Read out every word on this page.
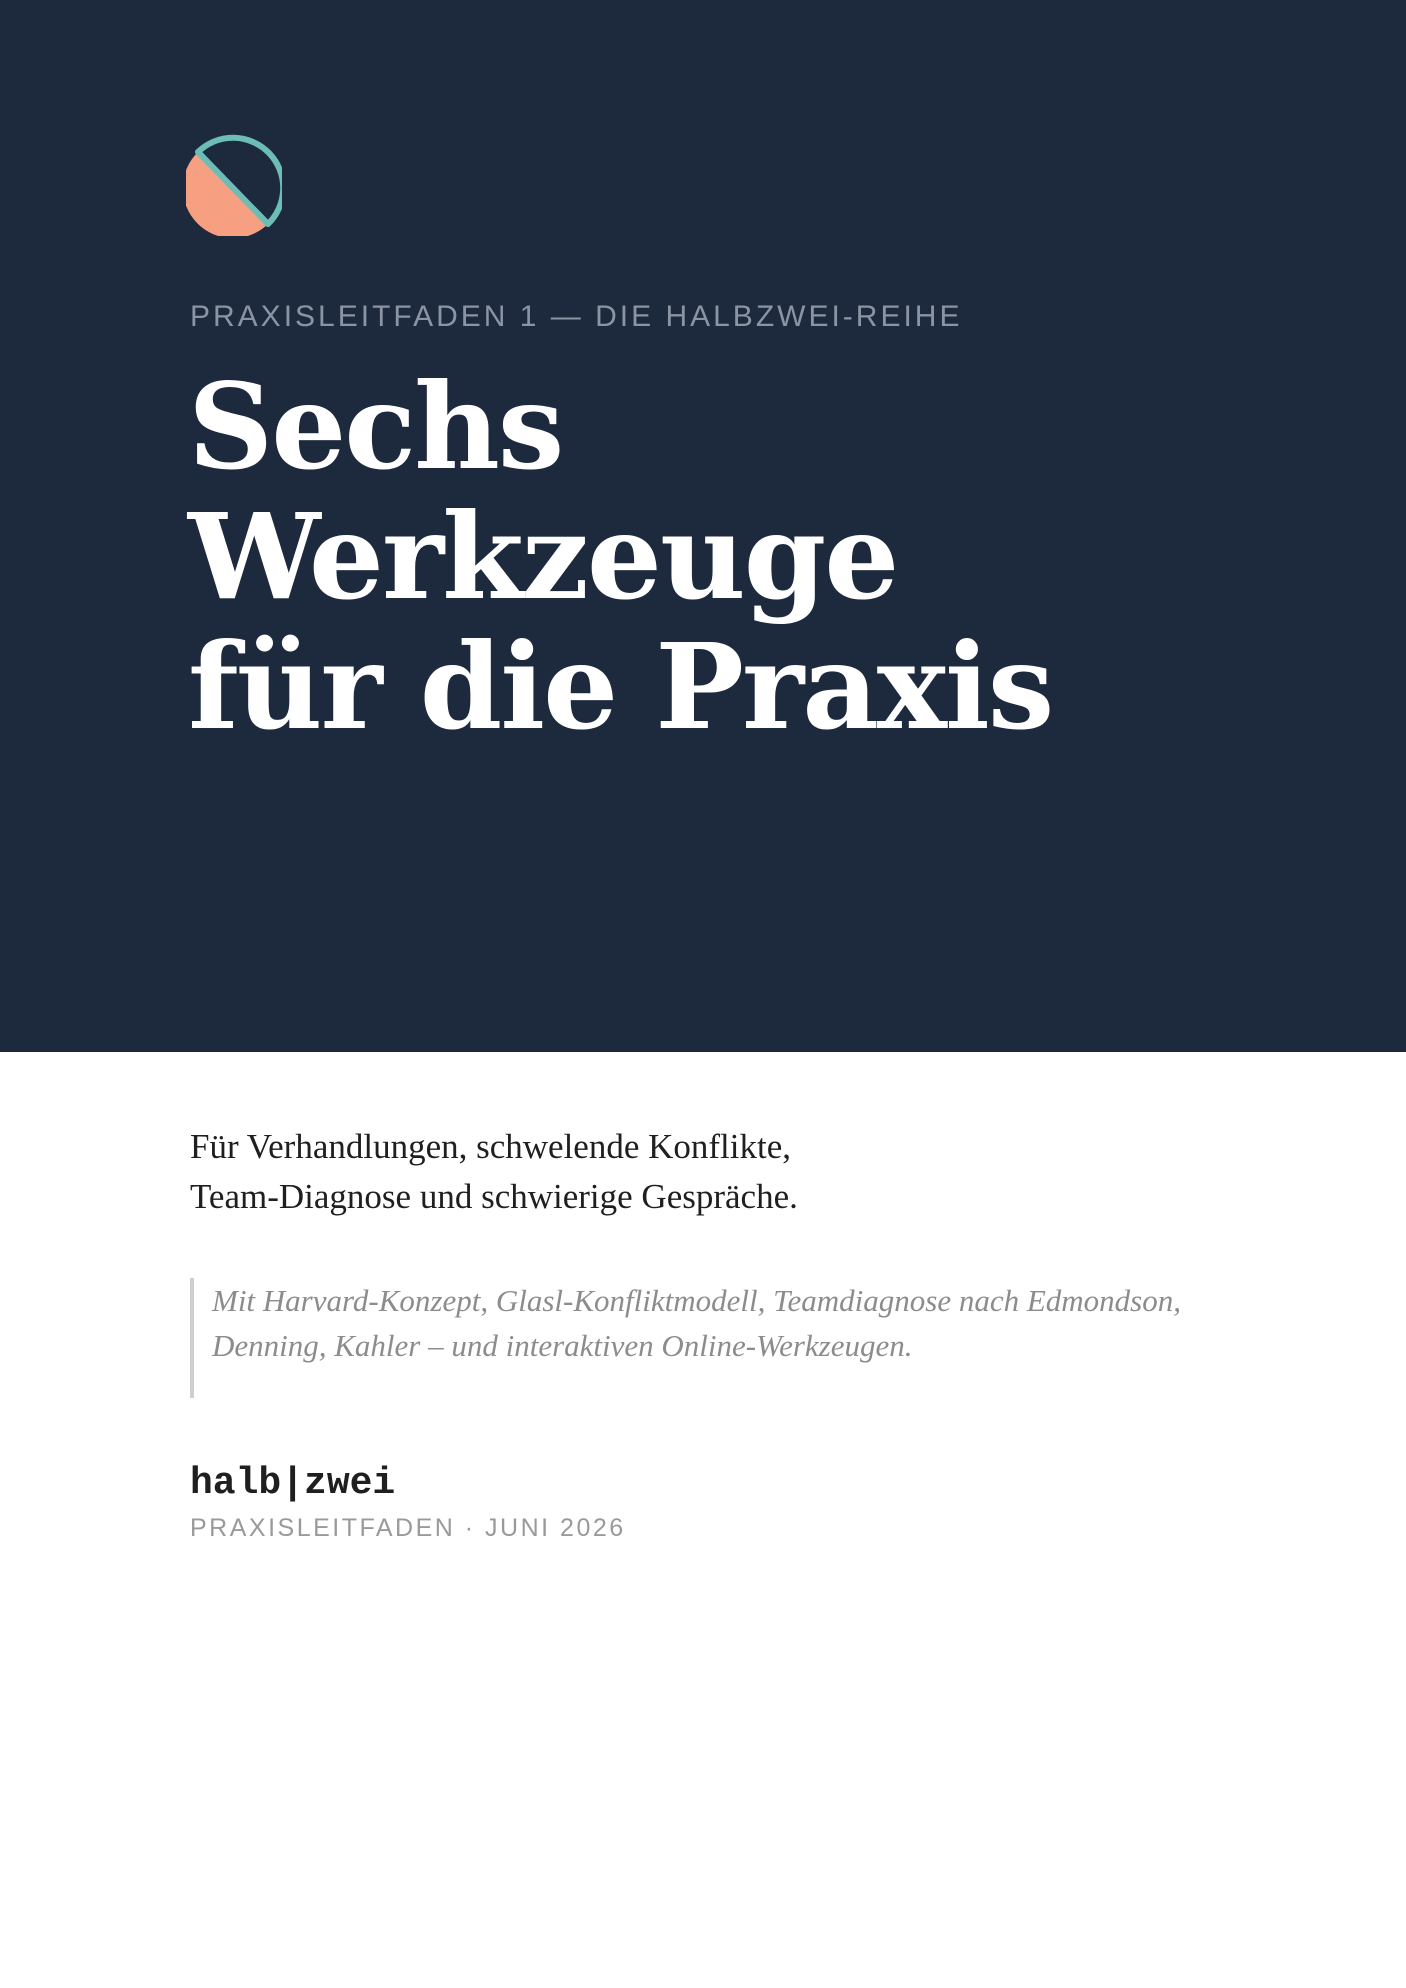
PRAXISLEITFADEN 1 — DIE HALBZWEI-REIHE
Sechs
Werkzeuge
für die Praxis
Für Verhandlungen, schwelende Konflikte,
Team-Diagnose und schwierige Gespräche.
Mit Harvard-Konzept, Glasl-Konfliktmodell, Teamdiagnose nach Edmondson,
Denning, Kahler – und interaktiven Online-Werkzeugen.
halb|zwei
PRAXISLEITFADEN · JUNI 2026
